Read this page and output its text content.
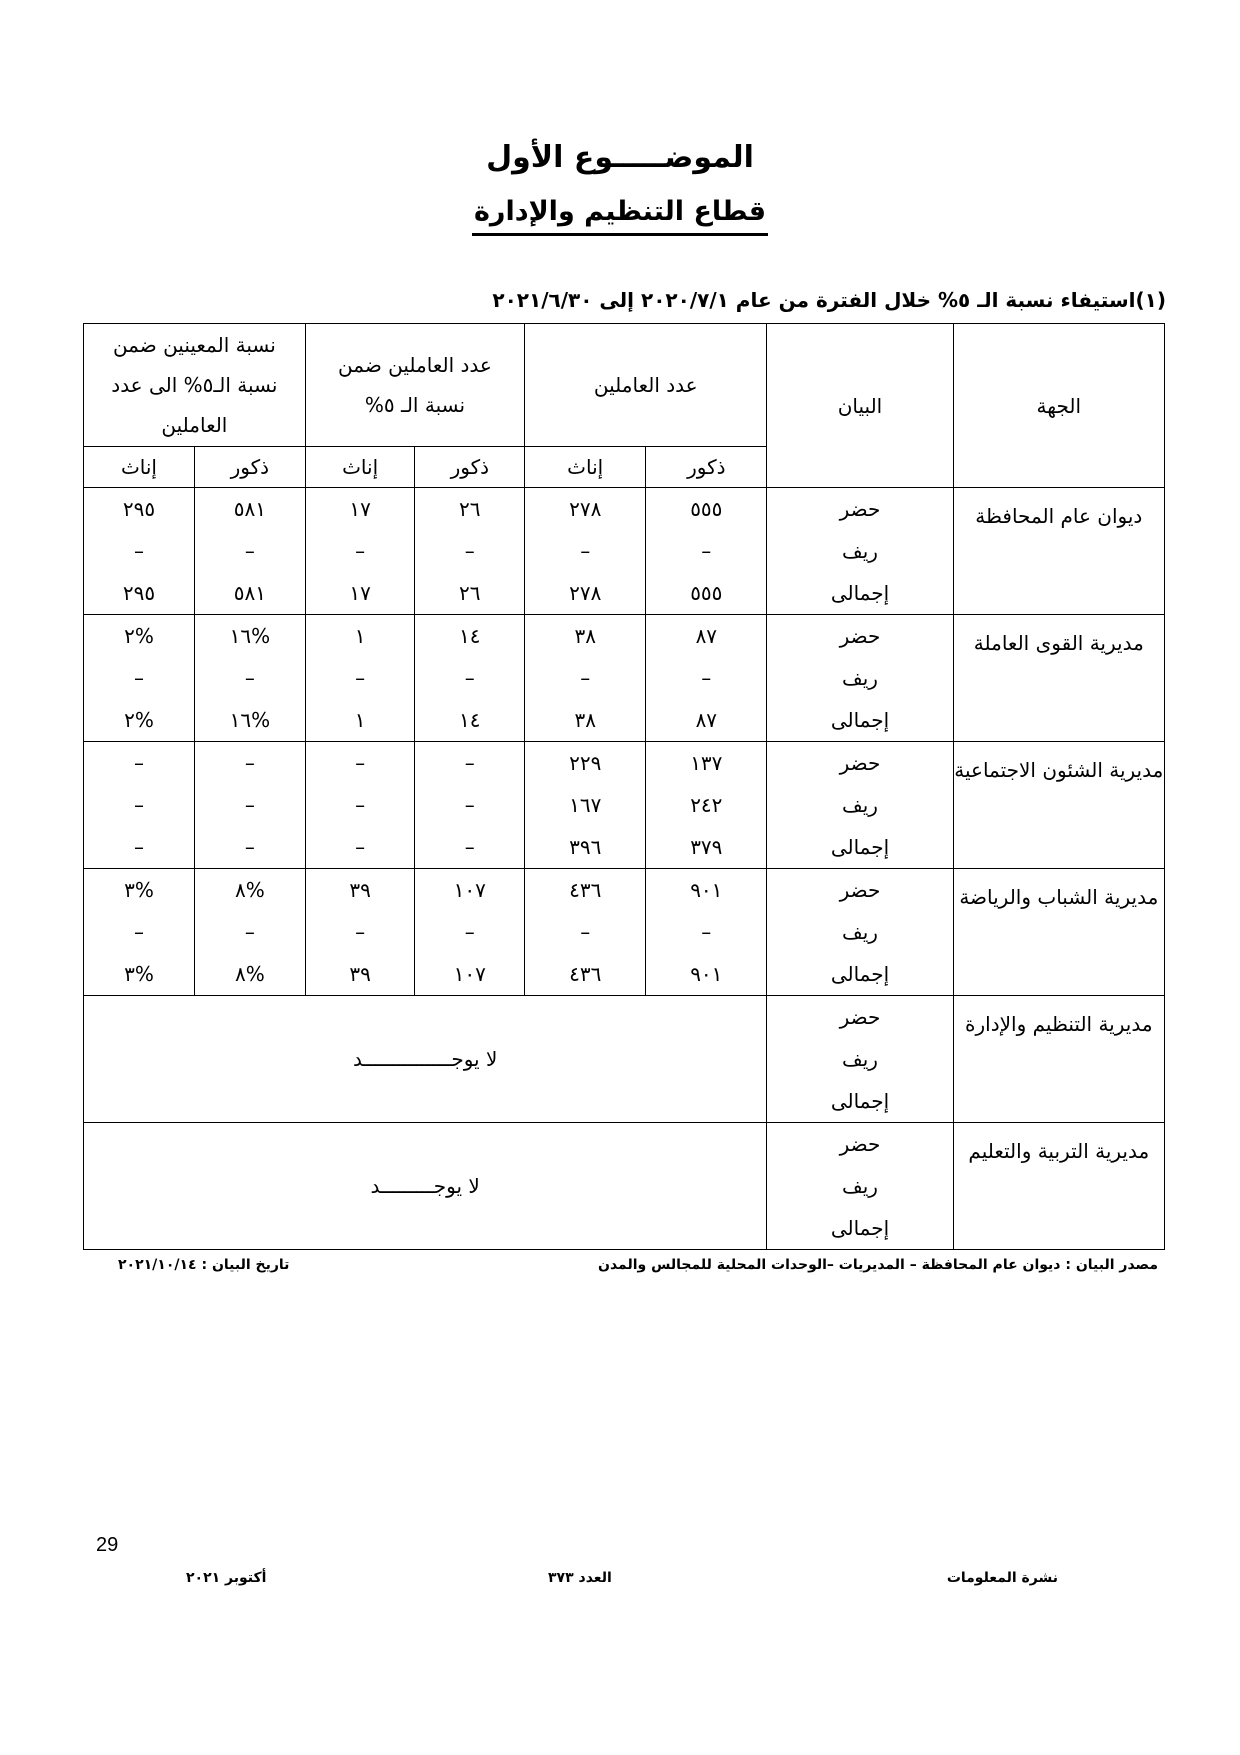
الموضـــــوع الأول
قطاع التنظيم والإدارة
(١)استيفاء نسبة الـ ٥% خلال الفترة من عام ٢٠٢٠/٧/١ إلى ٢٠٢١/٦/٣٠
الجهة	البيان	عدد العاملين		عدد العاملين ضمن نسبة الـ ٥%		نسبة المعينين ضمن نسبة الـ٥% الى عدد العاملين	
		ذكور	إناث	ذكور	إناث	ذكور	إناث
ديوان عام المحافظة	حضر	٥٥٥	٢٧٨	٢٦	١٧	٥٨١	٢٩٥
	ريف	–	–	–	–	–	–
	إجمالى	٥٥٥	٢٧٨	٢٦	١٧	٥٨١	٢٩٥
مديرية القوى العاملة	حضر	٨٧	٣٨	١٤	١	%١٦	%٢
	ريف	–	–	–	–	–	–
	إجمالى	٨٧	٣٨	١٤	١	%١٦	%٢
مديرية الشئون الاجتماعية	حضر	١٣٧	٢٢٩	–	–	–	–
	ريف	٢٤٢	١٦٧	–	–	–	–
	إجمالى	٣٧٩	٣٩٦	–	–	–	–
مديرية الشباب والرياضة	حضر	٩٠١	٤٣٦	١٠٧	٣٩	%٨	%٣
	ريف	–	–	–	–	–	–
	إجمالى	٩٠١	٤٣٦	١٠٧	٣٩	%٨	%٣
مديرية التنظيم والإدارة	حضر	لا يوجـــــــــــــــد					
	ريف						
	إجمالى						
مديرية التربية والتعليم	حضر	لا يوجـــــــــد					
	ريف						
	إجمالى						
مصدر البيان : ديوان عام المحافظة – المديريات –الوحدات المحلية للمجالس والمدن
تاريخ البيان : ٢٠٢١/١٠/١٤
29
نشرة المعلومات
العدد ٣٧٣
أكتوبر ٢٠٢١
